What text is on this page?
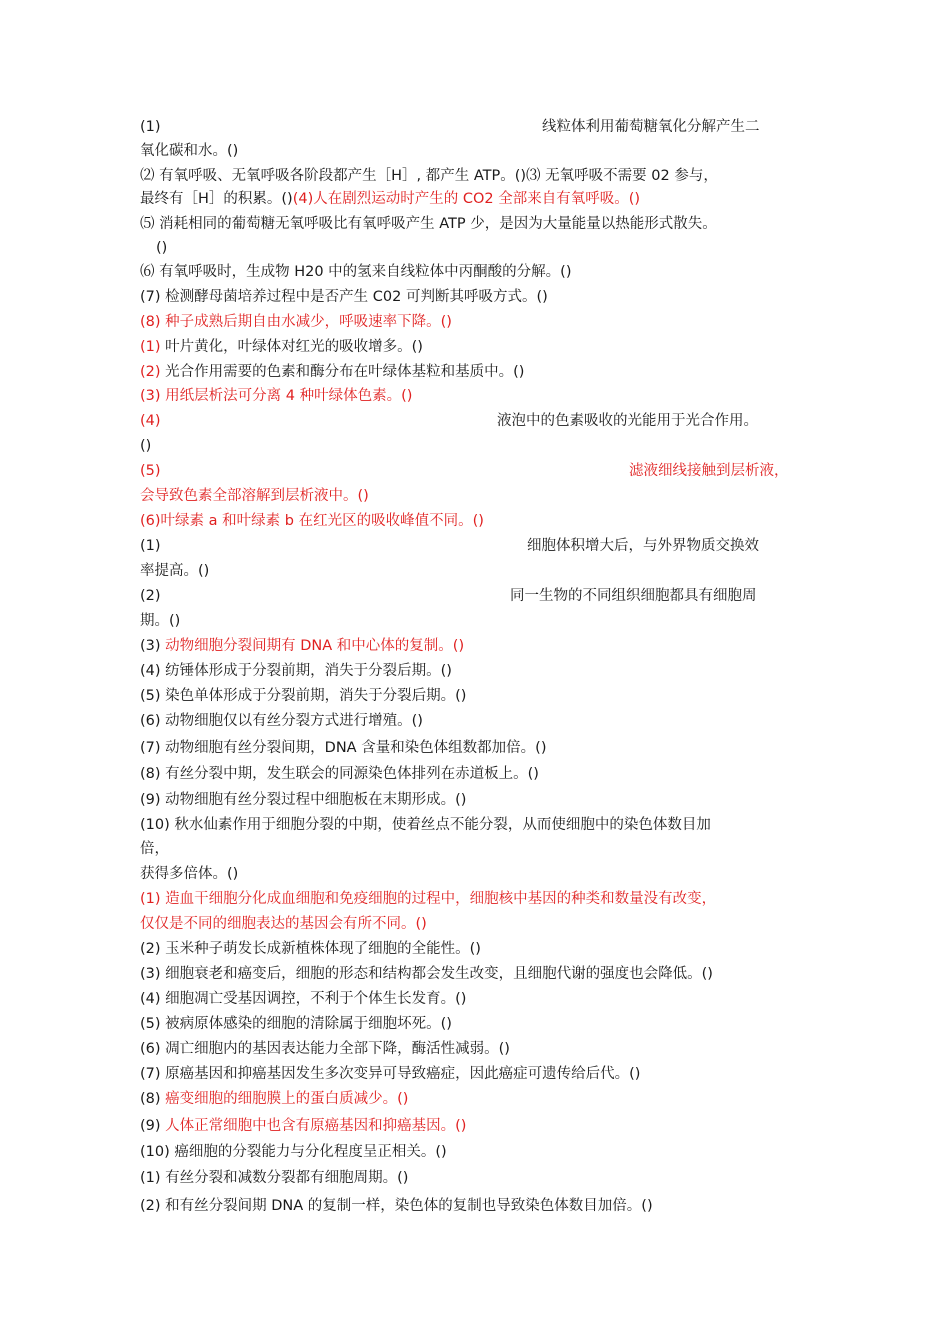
(1)	线粒体利用葡萄糖氧化分解产生二
氧化碳和水。()
⑵ 有氧呼吸、无氧呼吸各阶段都产生［H］, 都产生 ATP。()⑶ 无氧呼吸不需要 02 参与，
最终有［H］的积累。()(4)人在剧烈运动时产生的 CO2 全部来自有氧呼吸。()
⑸ 消耗相同的葡萄糖无氧呼吸比有氧呼吸产生 ATP 少，是因为大量能量以热能形式散失。
()
⑹ 有氧呼吸时，生成物 H20 中的氢来自线粒体中丙酮酸的分解。()
(7) 检测酵母菌培养过程中是否产生 C02 可判断其呼吸方式。()
(8) 种子成熟后期自由水减少，呼吸速率下降。()
(1) 叶片黄化，叶绿体对红光的吸收增多。()
(2) 光合作用需要的色素和酶分布在叶绿体基粒和基质中。()
(3) 用纸层析法可分离 4 种叶绿体色素。()
(4)	液泡中的色素吸收的光能用于光合作用。
()
(5)	滤液细线接触到层析液，
会导致色素全部溶解到层析液中。()
(6)叶绿素 a 和叶绿素 b 在红光区的吸收峰值不同。()
(1)	细胞体积增大后，与外界物质交换效
率提高。()
(2)	同一生物的不同组织细胞都具有细胞周
期。()
(3) 动物细胞分裂间期有 DNA 和中心体的复制。()
(4) 纺锤体形成于分裂前期，消失于分裂后期。()
(5) 染色单体形成于分裂前期，消失于分裂后期。()
(6) 动物细胞仅以有丝分裂方式进行增殖。()
(7) 动物细胞有丝分裂间期，DNA 含量和染色体组数都加倍。()
(8) 有丝分裂中期，发生联会的同源染色体排列在赤道板上。()
(9) 动物细胞有丝分裂过程中细胞板在末期形成。()
(10) 秋水仙素作用于细胞分裂的中期，使着丝点不能分裂，从而使细胞中的染色体数目加
倍，
获得多倍体。()
(1) 造血干细胞分化成血细胞和免疫细胞的过程中，细胞核中基因的种类和数量没有改变，
仅仅是不同的细胞表达的基因会有所不同。()
(2) 玉米种子萌发长成新植株体现了细胞的全能性。()
(3) 细胞衰老和癌变后，细胞的形态和结构都会发生改变，且细胞代谢的强度也会降低。()
(4) 细胞凋亡受基因调控，不利于个体生长发育。()
(5) 被病原体感染的细胞的清除属于细胞坏死。()
(6) 凋亡细胞内的基因表达能力全部下降，酶活性减弱。()
(7) 原癌基因和抑癌基因发生多次变异可导致癌症，因此癌症可遗传给后代。()
(8) 癌变细胞的细胞膜上的蛋白质减少。()
(9) 人体正常细胞中也含有原癌基因和抑癌基因。()
(10) 癌细胞的分裂能力与分化程度呈正相关。()
(1) 有丝分裂和减数分裂都有细胞周期。()
(2) 和有丝分裂间期 DNA 的复制一样，染色体的复制也导致染色体数目加倍。()
